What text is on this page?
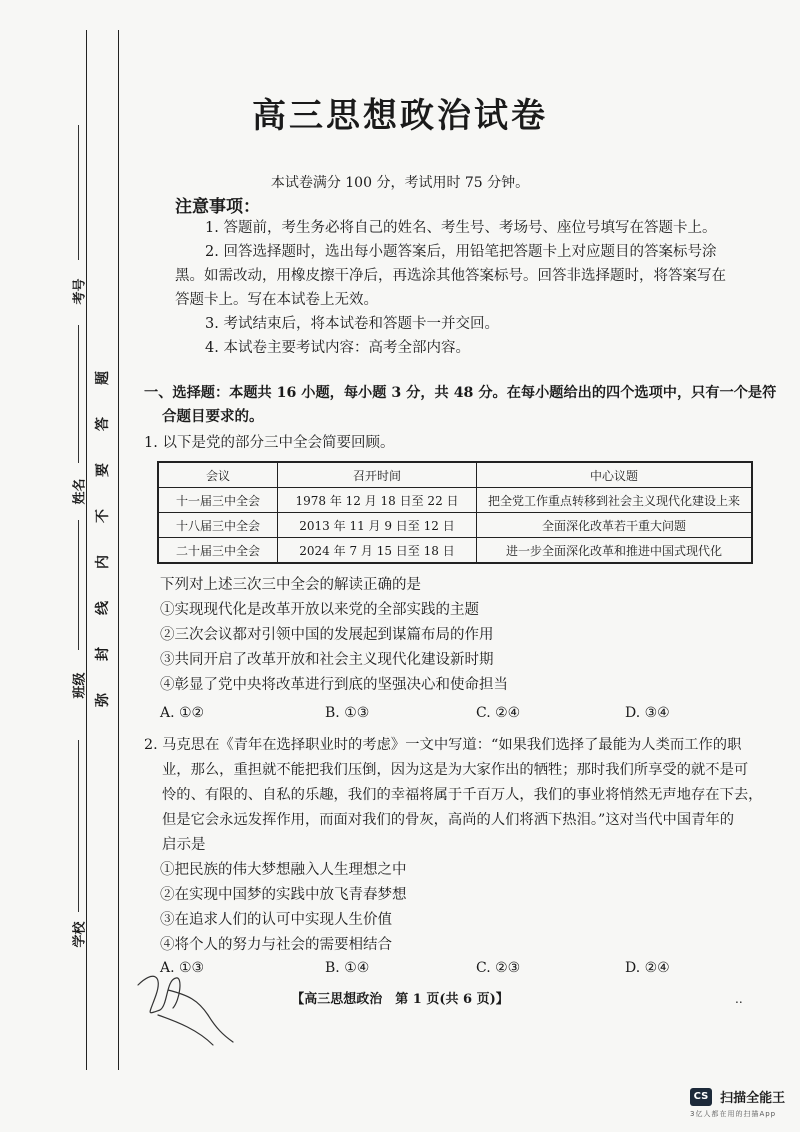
考号
姓名
班级
学校
题
答
要
不
内
线
封
弥
高三思想政治试卷
本试卷满分 100 分，考试用时 75 分钟。
注意事项：
1. 答题前，考生务必将自己的姓名、考生号、考场号、座位号填写在答题卡上。
2. 回答选择题时，选出每小题答案后，用铅笔把答题卡上对应题目的答案标号涂
黑。如需改动，用橡皮擦干净后，再选涂其他答案标号。回答非选择题时，将答案写在
答题卡上。写在本试卷上无效。
3. 考试结束后，将本试卷和答题卡一并交回。
4. 本试卷主要考试内容：高考全部内容。
一、选择题：本题共 16 小题，每小题 3 分，共 48 分。在每小题给出的四个选项中，只有一个是符
合题目要求的。
1. 以下是党的部分三中全会简要回顾。
会议	召开时间	中心议题
十一届三中全会	1978 年 12 月 18 日至 22 日	把全党工作重点转移到社会主义现代化建设上来
十八届三中全会	2013 年 11 月 9 日至 12 日	全面深化改革若干重大问题
二十届三中全会	2024 年 7 月 15 日至 18 日	进一步全面深化改革和推进中国式现代化
下列对上述三次三中全会的解读正确的是
①实现现代化是改革开放以来党的全部实践的主题
②三次会议都对引领中国的发展起到谋篇布局的作用
③共同开启了改革开放和社会主义现代化建设新时期
④彰显了党中央将改革进行到底的坚强决心和使命担当
A. ①②	B. ①③	C. ②④	D. ③④
2. 马克思在《青年在选择职业时的考虑》一文中写道：“如果我们选择了最能为人类而工作的职
业，那么，重担就不能把我们压倒，因为这是为大家作出的牺牲；那时我们所享受的就不是可
怜的、有限的、自私的乐趣，我们的幸福将属于千百万人，我们的事业将悄然无声地存在下去，
但是它会永远发挥作用，而面对我们的骨灰，高尚的人们将洒下热泪。”这对当代中国青年的
启示是
①把民族的伟大梦想融入人生理想之中
②在实现中国梦的实践中放飞青春梦想
③在追求人们的认可中实现人生价值
④将个人的努力与社会的需要相结合
A. ①③	B. ①④	C. ②③	D. ②④
【高三思想政治　第 1 页(共 6 页)】	..
CS 扫描全能王
3亿人都在用的扫描App
